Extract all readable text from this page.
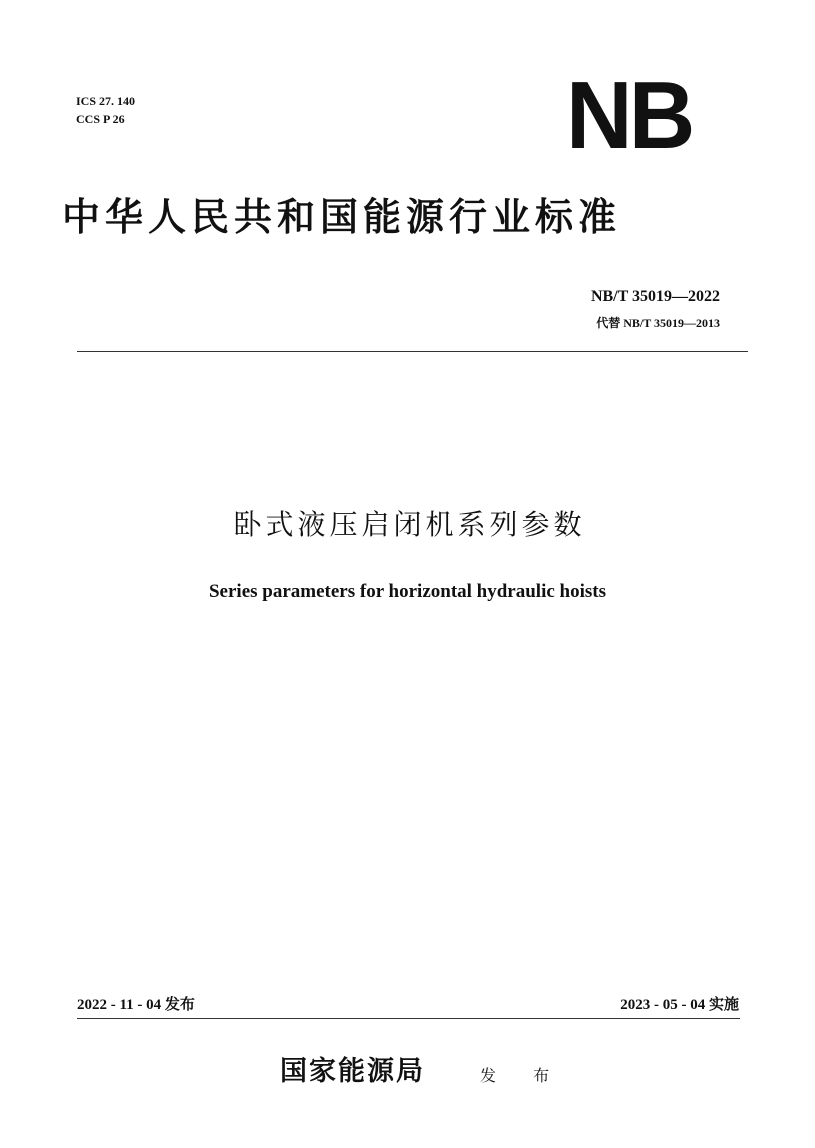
ICS 27. 140
CCS P 26	NB
中华人民共和国能源行业标准
NB/T 35019—2022
代替 NB/T 35019—2013
卧式液压启闭机系列参数
Series parameters for horizontal hydraulic hoists
2022 - 11 - 04 发布	2023 - 05 - 04 实施
国家能源局	发 布
